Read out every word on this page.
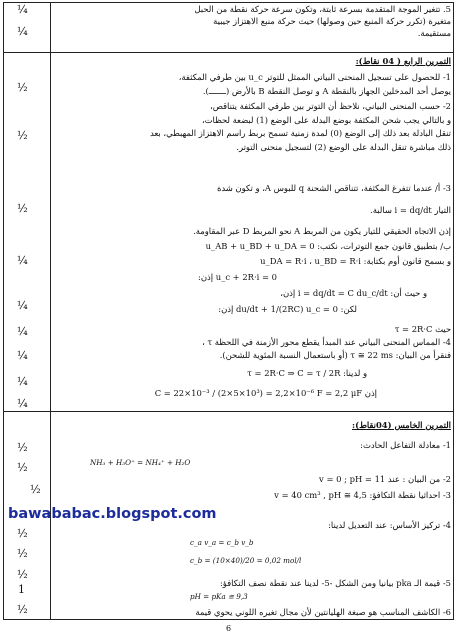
¼
¼
½
½
½
¼
¼
¼
¼
¼
¼
½
½
½
½
½
½
1
½
5. تتغير الموجة المتقدمة بسرعة ثابتة، وتكون سرعة حركة نقطة من الحبل
متغيرة (تكرر حركة المنبع حين وصولها) حيث حركة منبع الاهتزاز جيبية
مستقيمة.
التمرين الرابع ( 04 نقاط):
1- للحصول على تسجيل المنحنى البياني الممثل للتوتر u_c بين طرفي المكثفة،
يوصل أحد المدخلين الجهاز بالنقطة A و توصل النقطة B بالأرض (ـــــــ).
2- حسب المنحنى البياني، نلاحظ أن التوتر بين طرفي المكثفة يتناقص،
و بالتالي يجب شحن المكثفة بوضع البدلة على الوضع (1) لبضعة لحظات،
تنقل البادلة بعد ذلك إلى الوضع (0) لمدة زمنية تسمح بربط راسم الاهتزاز المهبطي، بعد
ذلك مباشرة تنقل البدلة على الوضع (2) لتسجيل منحنى التوتر.
3- أ/ عندما تتفرغ المكثفة، تتناقص الشحنة q للبوس A، و تكون شدة
التيار i = dq/dt سالبة.
إذن الاتجاه الحقيقي للتيار يكون من المربط A نحو المربط D عبر المقاومة.
ب/ بتطبيق قانون جمع التوترات، نكتب: u_AB + u_BD + u_DA = 0
و بسمح قانون أوم بكتابة: u_DA = R·i ، u_BD = R·i
u_c + 2R·i = 0 إذن:
و حيث أن: i = dq/dt = C du_c/dt إذن،
لكن: du/dt + 1/(2RC) u_c = 0 إذن:
حيث τ = 2R·C
4- المماس المنحنى البياني عند المبدأ يقطع محور الأزمنة في اللحظة τ ،
فنقرأ من البيان: τ ≅ 22 ms (أو باستعمال النسبة المئوية للشحن).
و لدينا: τ = 2R·C ⇒ C = τ / 2R
إذن C = 22×10⁻³ / (2×5×10³) = 2,2×10⁻⁶ F = 2,2 μF
التمرين الخامس (04نقاط):
1- معادلة التفاعل الحادث:
NH₃ + H₃O⁺ = NH₄⁺ + H₂O
2- من البيان : عند v = 0 ; pH = 11
3- احداثيا نقطة التكافؤ: v = 40 cm³ , pH ≅ 4,5
4- تركيز الأساس: عند التعديل لدينا:
c_a v_a = c_b v_b
c_b = (10×40)/20 = 0,02 mol/l
5- قيمة الـ pka بيانيا ومن الشكل -5- لدينا عند نقطة نصف التكافؤ:
pH = pKa ≅ 9,3
6- الكاشف المناسب هو صبغة الهليانتين لأن مجال تغيره اللوني يحوي قيمة
bawababac.blogspot.com
6
